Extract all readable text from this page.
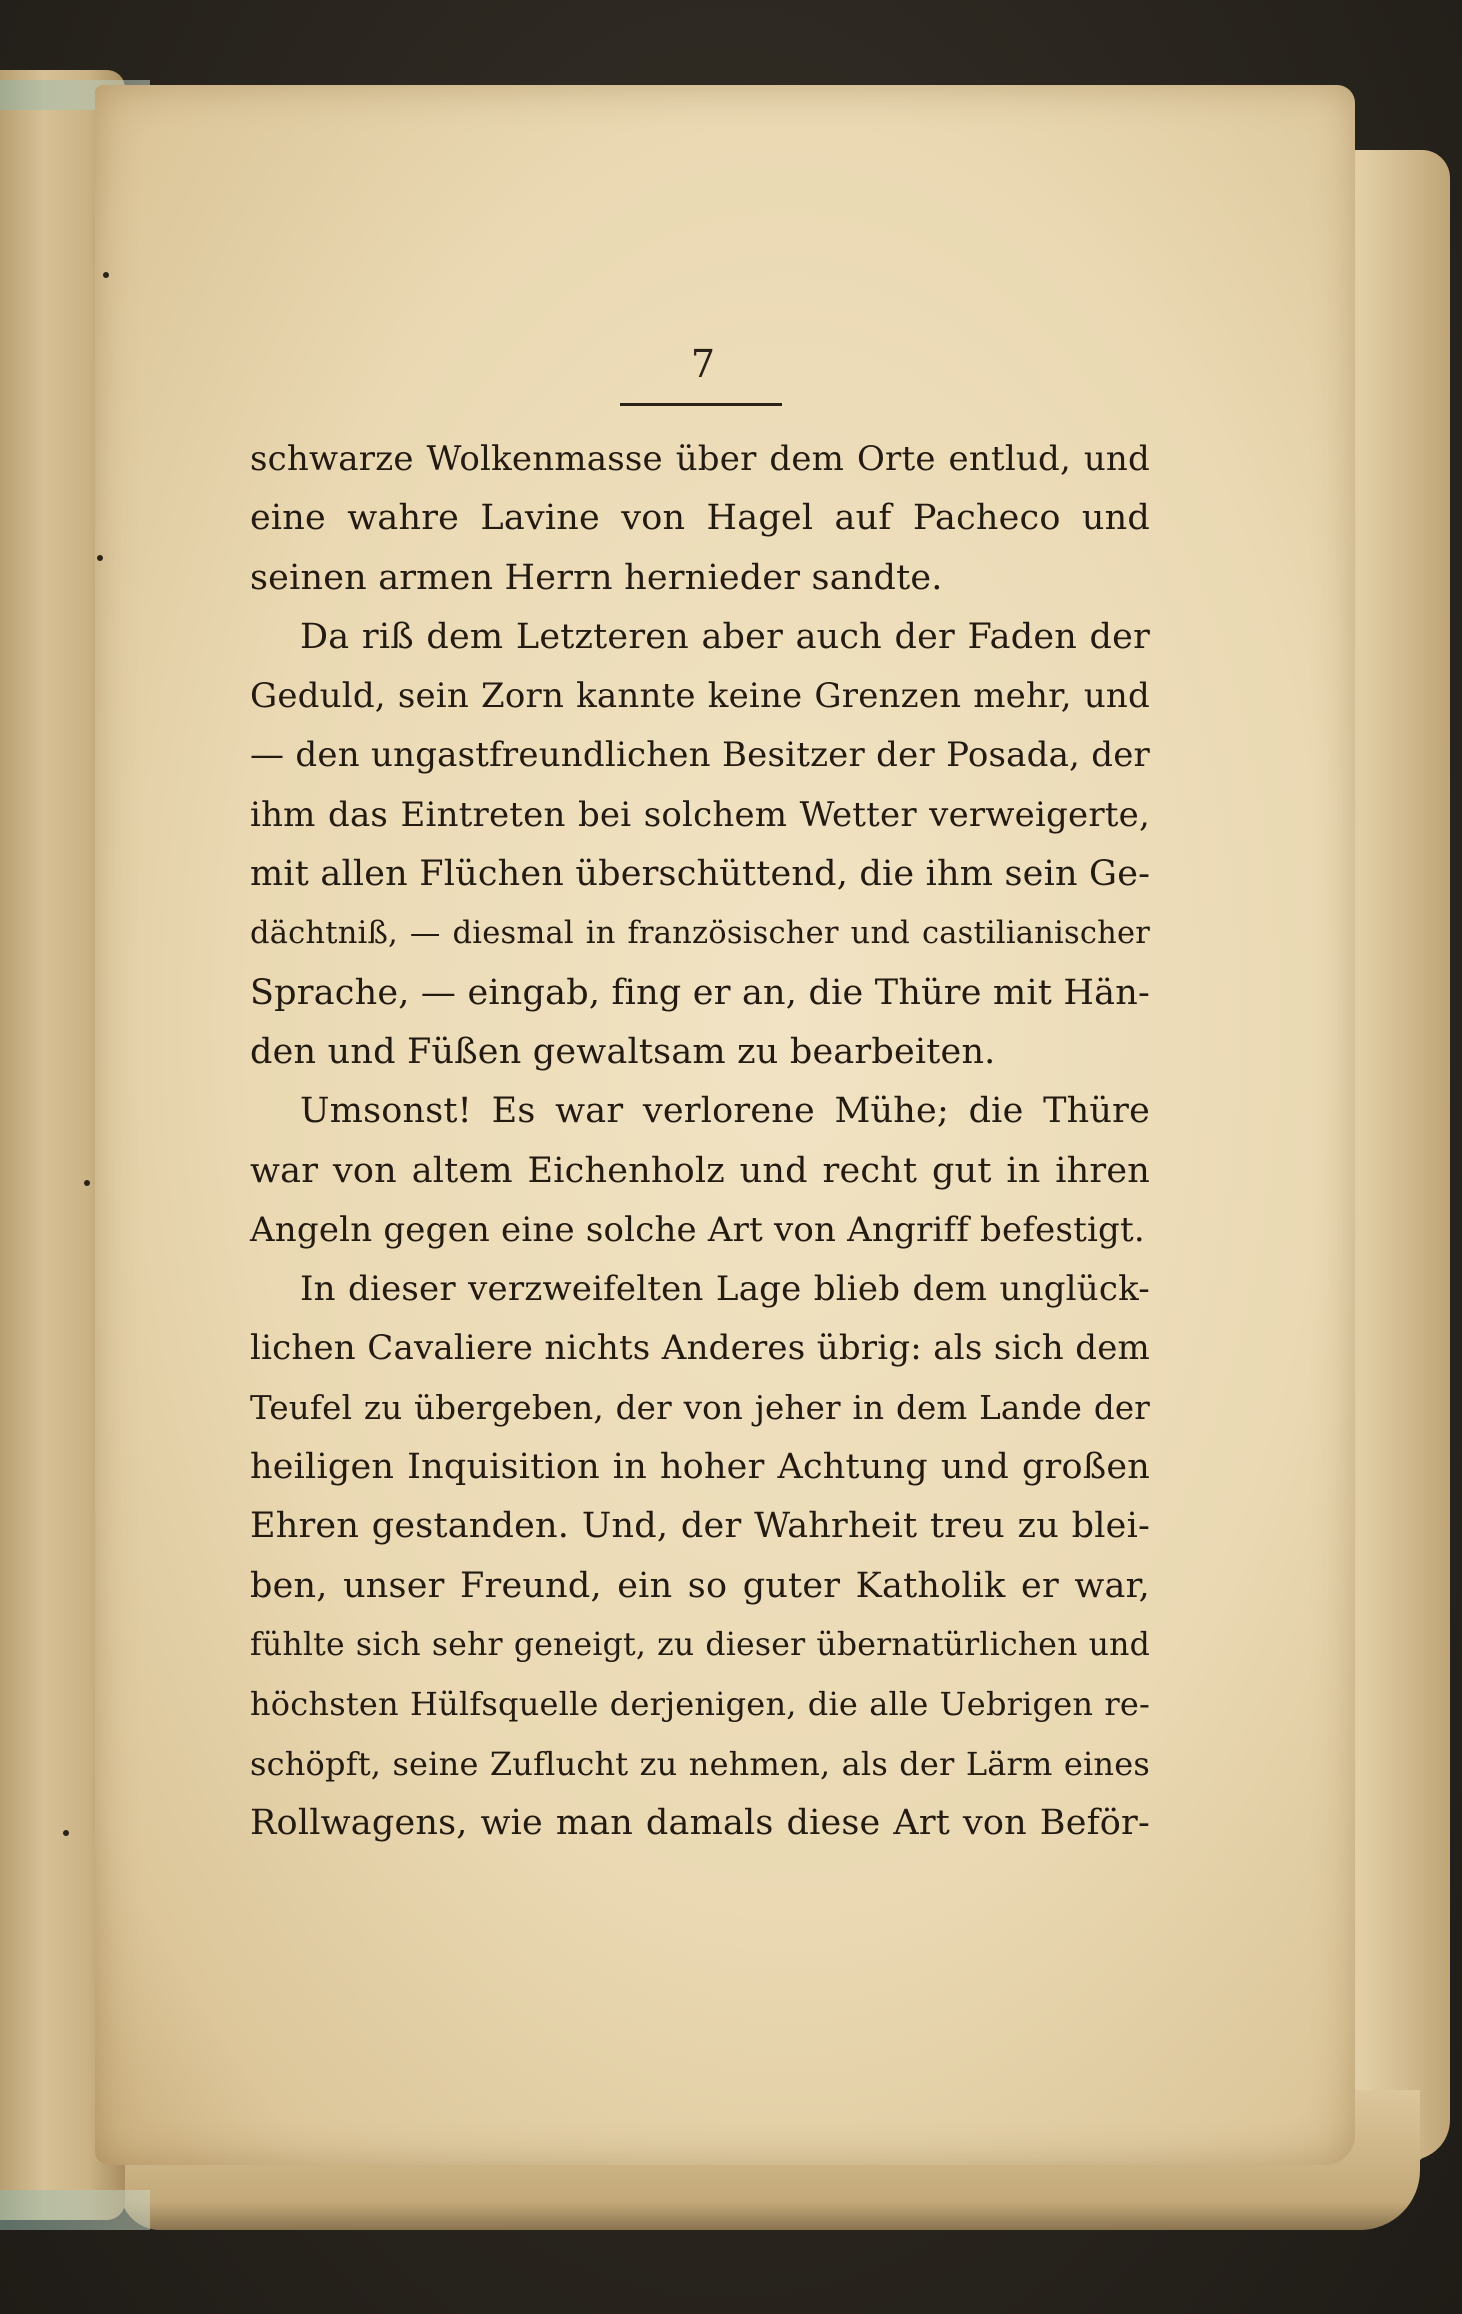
7
schwarze Wolkenmasse über dem Orte entlud, und
eine wahre Lavine von Hagel auf Pacheco und
seinen armen Herrn hernieder sandte.
Da riß dem Letzteren aber auch der Faden der
Geduld, sein Zorn kannte keine Grenzen mehr, und
— den ungastfreundlichen Besitzer der Posada, der
ihm das Eintreten bei solchem Wetter verweigerte,
mit allen Flüchen überschüttend, die ihm sein Ge-
dächtniß, — diesmal in französischer und castilianischer
Sprache, — eingab, fing er an, die Thüre mit Hän-
den und Füßen gewaltsam zu bearbeiten.
Umsonst! Es war verlorene Mühe; die Thüre
war von altem Eichenholz und recht gut in ihren
Angeln gegen eine solche Art von Angriff befestigt.
In dieser verzweifelten Lage blieb dem unglück-
lichen Cavaliere nichts Anderes übrig: als sich dem
Teufel zu übergeben, der von jeher in dem Lande der
heiligen Inquisition in hoher Achtung und großen
Ehren gestanden. Und, der Wahrheit treu zu blei-
ben, unser Freund, ein so guter Katholik er war,
fühlte sich sehr geneigt, zu dieser übernatürlichen und
höchsten Hülfsquelle derjenigen, die alle Uebrigen re-
schöpft, seine Zuflucht zu nehmen, als der Lärm eines
Rollwagens, wie man damals diese Art von Beför-
